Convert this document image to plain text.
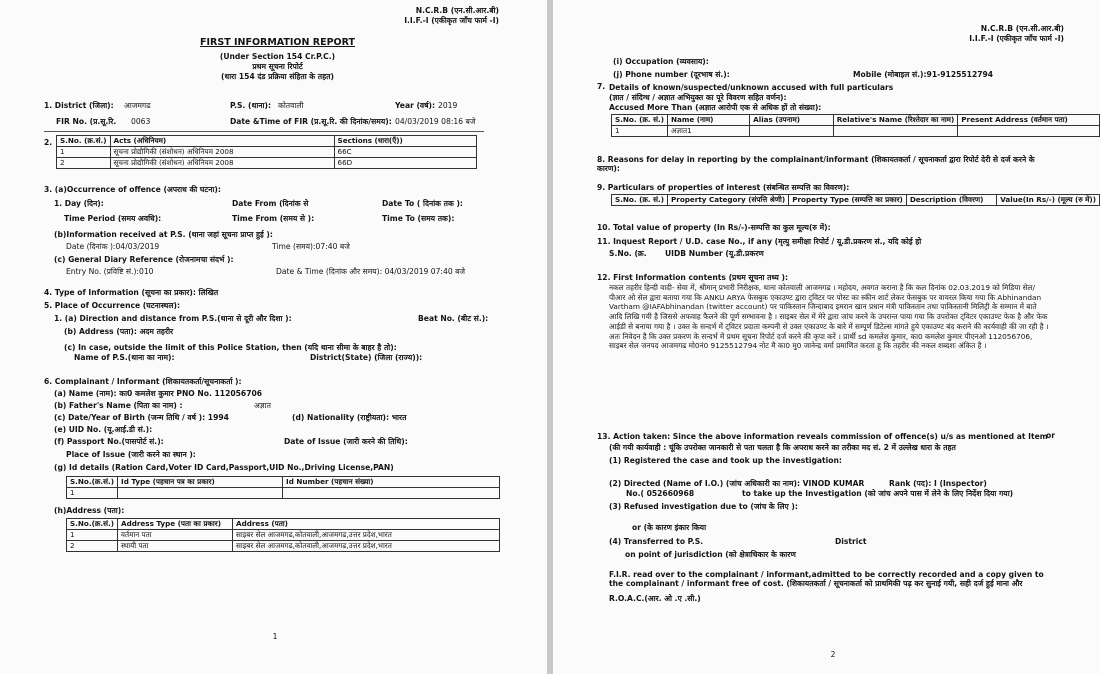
N.C.R.B (एन.सी.आर.बी)
I.I.F.-I (एकीकृत जाँच फार्म -I)
FIRST INFORMATION REPORT
(Under Section 154 Cr.P.C.)
प्रथम सूचना रिपोर्ट
(धारा 154 दंड प्रक्रिया संहिता के तहत)
1. District (जिला): आजमगढ	P.S. (थाना): कोतवाली	Year (वर्ष): 2019
FIR No. (प्र.सू.रि. 0063	Date &Time of FIR (प्र.सू.रि. की दिनांक/समय): 04/03/2019 08:16 बजे
2. S.No. (क्र.सं.)	Acts (अधिनियम)	Sections (धारा(एँ))
1	सूचना प्रोद्यौगिकी (संशोधन) अधिनियम 2008	66C
2	सूचना प्रोद्यौगिकी (संशोधन) अधिनियम 2008	66D
3. (a)Occurrence of offence (अपराध की घटना):
1. Day (दिन):	Date From (दिनांक से	Date To ( दिनांक तक ):
Time Period (समय अवधि):	Time From (समय से ):	Time To (समय तक):
(b)Information received at P.S. (थाना जहां सूचना प्राप्त हुई ):
Date (दिनांक ):04/03/2019	Time (समय):07:40 बजे
(c) General Diary Reference (रोजनामचा संदर्भ ):
Entry No. (प्रविष्टि सं.):010	Date & Time (दिनांक और समय): 04/03/2019 07:40 बजे
4. Type of Information (सूचना का प्रकार): लिखित
5. Place of Occurrence (घटनास्थल):
1. (a) Direction and distance from P.S.(थाना से दूरी और दिशा ):	Beat No. (बीट सं.):
(b) Address (पता): अदम तहरीर
(c) In case, outside the limit of this Police Station, then (यदि थाना सीमा के बाहर है तो):
Name of P.S.(थाना का नाम):	District(State) (जिला (राज्य)):
6. Complainant / Informant (शिकायतकर्ता/सूचनाकर्ता ):
(a) Name (नाम): का0 कमलेश कुमार PNO No. 112056706
(b) Father's Name (पिता का नाम) :	अज्ञात
(c) Date/Year of Birth (जन्म तिथि / वर्ष ): 1994	(d) Nationality (राष्ट्रीयता): भारत
(e) UID No. (यू.आई.डी सं.):
(f) Passport No.(पासपोर्ट सं.):	Date of Issue (जारी करने की तिथि):
Place of Issue (जारी करने का स्थान ):
(g) Id details (Ration Card,Voter ID Card,Passport,UID No.,Driving License,PAN)
S.No.(क्र.सं.)	Id Type (पहचान पत्र का प्रकार)	Id Number (पहचान संख्या)
1		
(h)Address (पता):
S.No.(क्र.सं.)	Address Type (पता का प्रकार)	Address (पता)
1	वर्तमान पता	साइबर सेल आजमगढ,कोतवाली,आजमगढ,उत्तर प्रदेश,भारत
2	स्थायी पता	साइबर सेल आजमगढ,कोतवाली,आजमगढ,उत्तर प्रदेश,भारत
1
N.C.R.B (एन.सी.आर.बी)
I.I.F.-I (एकीकृत जाँच फार्म -I)
(i) Occupation (व्यवसाय):
(j) Phone number (दूरभाष सं.):	Mobile (मोबाइल सं.):91-9125512794
7. Details of known/suspected/unknown accused with full particulars
(ज्ञात / संदिग्ध / अज्ञात अभियुक्त का पूरे विवरण सहित वर्णन):
Accused More Than (अज्ञात आरोपी एक से अधिक हों तो संख्या):
S.No. (क्र. सं.)	Name (नाम)	Alias (उपनाम)	Relative's Name (रिश्तेदार का नाम)	Present Address (वर्तमान पता)
1	अज्ञात1			
8. Reasons for delay in reporting by the complainant/informant (शिकायतकर्ता / सूचनाकर्ता द्वारा रिपोर्ट देरी से दर्ज करने के कारण):
9. Particulars of properties of interest (संबन्धित सम्पत्ति का विवरण):
S.No. (क्र. सं.)	Property Category (संपत्ति श्रेणी)	Property Type (सम्पत्ति का प्रकार)	Description (विवरण)	Value(In Rs/-) (मूल्य (रु में))
10. Total value of property (In Rs/-)-सम्पत्ति का कुल मूल्य(रु में):
11. Inquest Report / U.D. case No., if any (मृत्यु समीक्षा रिपोर्ट / यू.डी.प्रकरण सं., यदि कोई हो
S.No. (क्र. UIDB Number (यू.डी.प्रकरण
12. First Information contents (प्रथम सूचना तथ्य ):
नकल तहरीर हिन्दी वादी- सेवा में, श्रीमान् प्रभारी निरीक्षक, थाना कोतवाली आजमगढ । महोदय, अवगत कराना है कि कल दिनांक 02.03.2019 को मिडिया सेल/पीआर ओ सेल द्वारा बताया गया कि ANKU ARYA फेसबुक एकाउण्ट द्वारा ट्विटर पर पोस्ट का स्कीन शार्ट लेकर फेसबुक पर वायरल किया गया कि Abhinandan Vartham @IAFAbhinandan (twitter account) पर पाकिस्तान जिन्दाबाद इमरान खान प्रधान मंत्री पाकिस्तान तथा पाकिस्तानी मिलिट्री के सम्मान में बाते आदि लिखि गयी है जिससे अफवाह फैलने की पूर्ण सम्भावना है । साइबर सेल में मेरे द्वारा जांच करने के उपरान्त पाया गया कि उपरोक्त ट्विटर एकाउण्ट फेक है और फेक आईडी से बनाया गया है । उक्त के सन्दर्भ में ट्विटर प्रदाता कम्पनी से उक्त एकाउण्ट के बारे में सम्पूर्ण डिटेल्स मांगते हुये एकाउण्ट बंद कराने की कार्यवाही की जा रही है । अतः निवेदन है कि उक्त प्रकरण के सन्दर्भ में प्रथम सूचना रिपोर्ट दर्ज करने की कृपा करें । प्रार्थी sd कमलेश कुमार, का0 कमलेश कुमार पीएनओ 112056706, साइबर सेल जनपद आजमगढ मो0नं0 9125512794 नोट मै का0 मु0 जानेन्द्र वर्मा प्रमाणित करता हू कि तहरीर की नकल शब्दशः अंकित है ।
13. Action taken: Since the above information reveals commission of offence(s) u/s as mentioned at Item
(की गयी कार्यवाही : चूंकि उपरोक्त जानकारी से पता चलता है कि अपराध करने का तरीका मद सं. 2 में उल्लेख धारा के तहत
(1) Registered the case and took up the investigation:
or
(2) Directed (Name of I.O.) (जांच अधिकारी का नाम): VINOD KUMAR	Rank (पद): I (Inspector)
No.( 052660968	to take up the Investigation (को जांच अपने पास में लेने के लिए निर्देश दिया गया)
(3) Refused investigation due to (जांच के लिए ):
or (के कारण इंकार किया
(4) Transferred to P.S.	District
on point of jurisdiction (को क्षेत्राधिकार के कारण
F.I.R. read over to the complainant / informant,admitted to be correctly recorded and a copy given to the complainant / informant free of cost. (शिकायतकर्ता / सूचनाकर्ता को प्राथमिकी पढ़ कर सुनाई गयी, सही दर्ज हुई माना और
R.O.A.C.(आर. ओ .ए .सी.)
2
